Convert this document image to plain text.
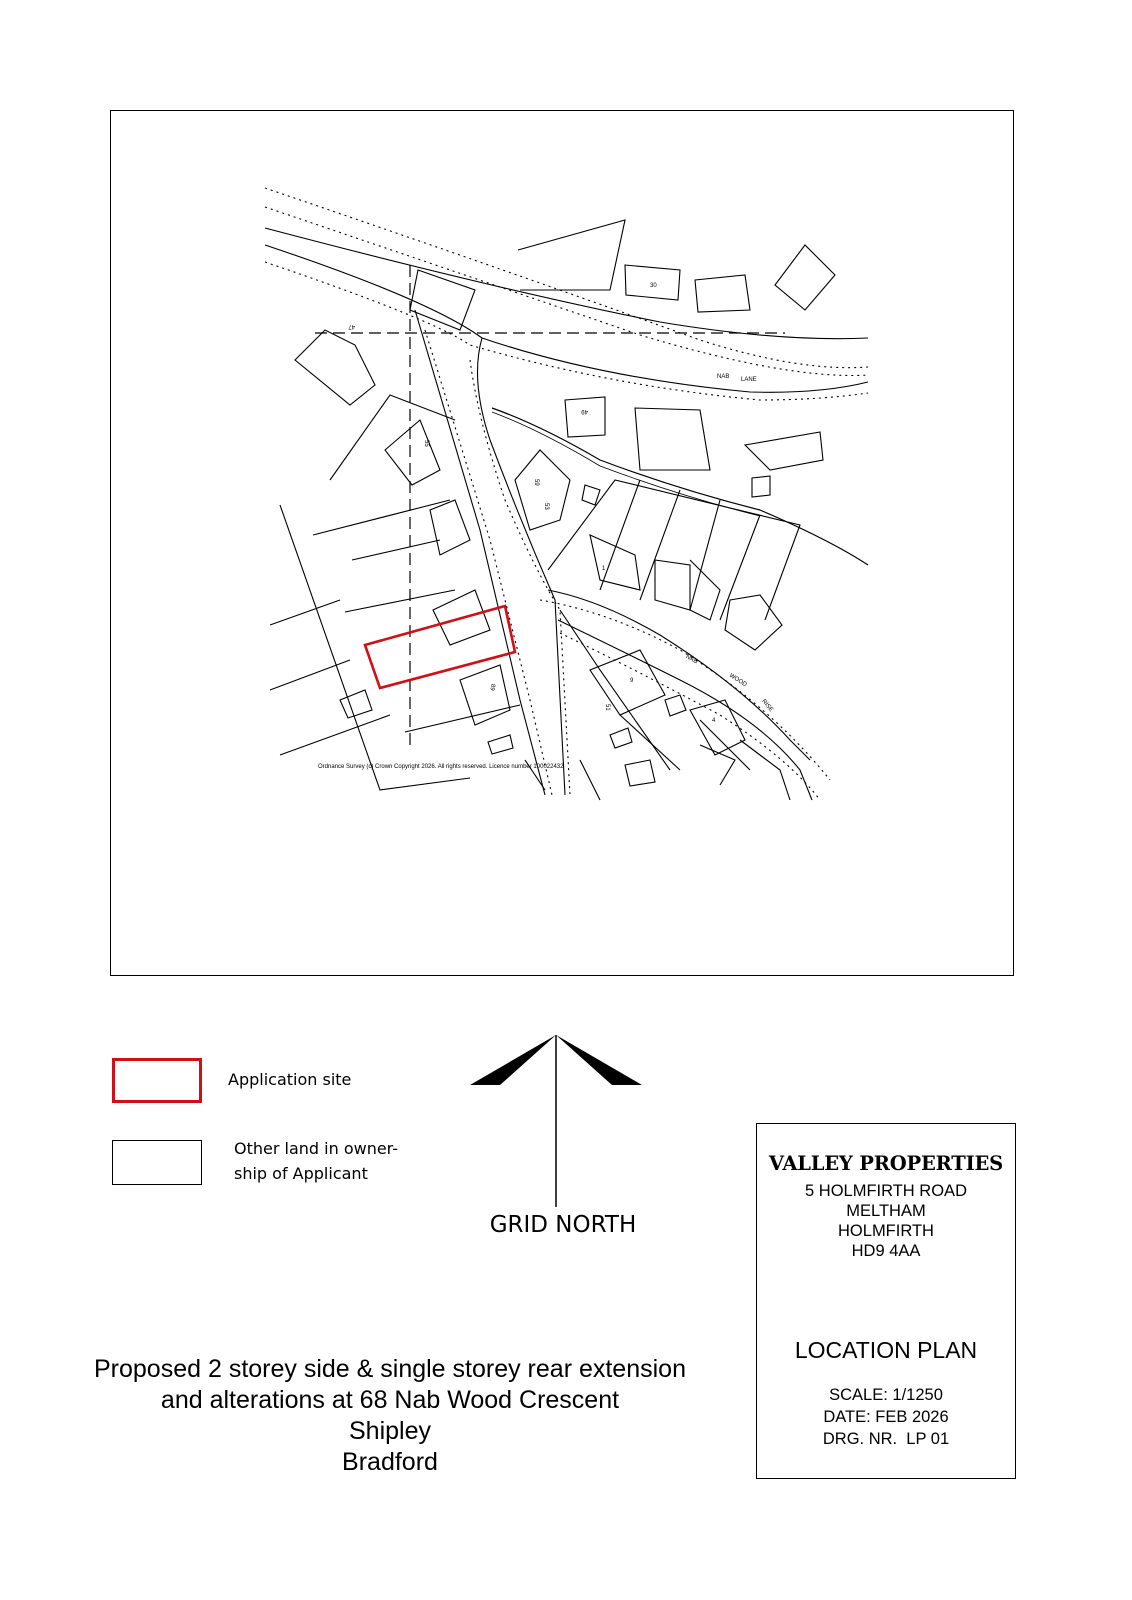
NAB LANE
NAB
WOOD
RISE
30
47
49
55
59
53
68
1
9
4
51
Ordnance Survey (c) Crown Copyright 2026. All rights reserved. Licence number 100022432
Application site
Other land in owner-
ship of Applicant
GRID NORTH
Proposed 2 storey side & single storey rear extension
and alterations at 68 Nab Wood Crescent
Shipley
Bradford
VALLEY PROPERTIES
5 HOLMFIRTH ROAD
MELTHAM
HOLMFIRTH
HD9 4AA
LOCATION PLAN
SCALE: 1/1250
DATE: FEB 2026
DRG. NR.  LP 01
